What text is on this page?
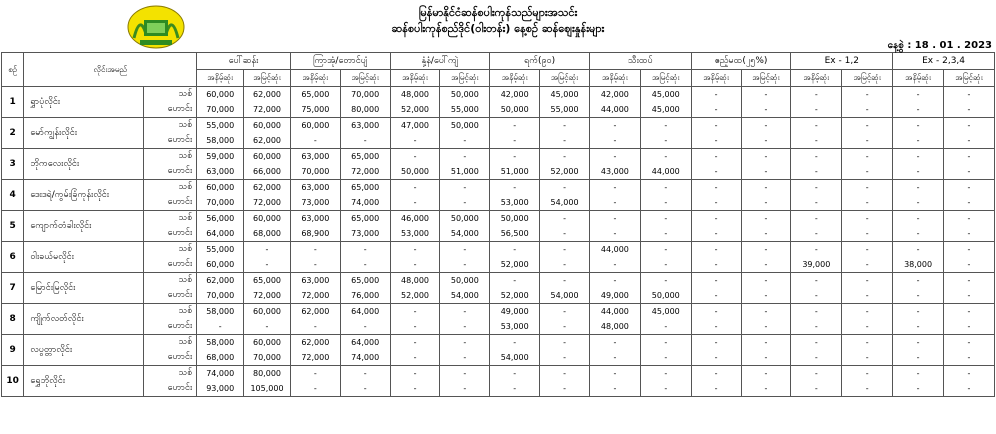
မြန်မာနိုင်ငံဆန်စပါးကုန်သည်များအသင်း
ဆန်စပါးကုန်စည်ဒိုင်(ဝါးတန်း) နေ့စဉ် ဆန်ဈေးနှုန်းများ
နေ့စွဲ : 18 . 01 . 2023
စဉ်	လိုင်းအမည်		ပေါ်ဆန်း		ကြာအုံ/တောင်ပျံ		နှံ့နံ/ပေါ်ကျဲ		ရက်(၉၀)		သီးထပ်		ဧည့်မထ(၂၅%)		Ex - 1,2		Ex - 2,3,4	
			အနိမ့်ဆုံး	အမြင့်ဆုံး	အနိမ့်ဆုံး	အမြင့်ဆုံး	အနိမ့်ဆုံး	အမြင့်ဆုံး	အနိမ့်ဆုံး	အမြင့်ဆုံး	အနိမ့်ဆုံး	အမြင့်ဆုံး	အနိမ့်ဆုံး	အမြင့်ဆုံး	အနိမ့်ဆုံး	အမြင့်ဆုံး	အနိမ့်ဆုံး	အမြင့်ဆုံး
1	ရွှာပုံလိုင်း	သစ်	60,000	62,000	65,000	70,000	48,000	50,000	42,000	45,000	42,000	45,000	-	-	-	-	-	-
		ဟောင်း	70,000	72,000	75,000	80,000	52,000	55,000	50,000	55,000	44,000	45,000	-	-	-	-	-	-
2	မော်ကျွန်းလိုင်း	သစ်	55,000	60,000	60,000	63,000	47,000	50,000	-	-	-	-	-	-	-	-	-	-
		ဟောင်း	58,000	62,000	-	-	-	-	-	-	-	-	-	-	-	-	-	-
3	ဘိုကလေးလိုင်း	သစ်	59,000	60,000	63,000	65,000	-	-	-	-	-	-	-	-	-	-	-	-
		ဟောင်း	63,000	66,000	70,000	72,000	50,000	51,000	51,000	52,000	43,000	44,000	-	-	-	-	-	-
4	ဒေးဒရဲ/ကွမ်းခြံကုန်းလိုင်း	သစ်	60,000	62,000	63,000	65,000	-	-	-	-	-	-	-	-	-	-	-	-
		ဟောင်း	70,000	72,000	73,000	74,000	-	-	53,000	54,000	-	-	-	-	-	-	-	-
5	ကျောက်တံခါးလိုင်း	သစ်	56,000	60,000	63,000	65,000	46,000	50,000	50,000	-	-	-	-	-	-	-	-	-
		ဟောင်း	64,000	68,000	68,900	73,000	53,000	54,000	56,500	-	-	-	-	-	-	-	-	-
6	ဝါးခယ်မလိုင်း	သစ်	55,000	-	-	-	-	-	-	-	44,000	-	-	-	-	-	-	-
		ဟောင်း	60,000	-	-	-	-	-	52,000	-	-	-	-	-	39,000	-	38,000	-
7	မြောင်းမြလိုင်း	သစ်	62,000	65,000	63,000	65,000	48,000	50,000	-	-	-	-	-	-	-	-	-	-
		ဟောင်း	70,000	72,000	72,000	76,000	52,000	54,000	52,000	54,000	49,000	50,000	-	-	-	-	-	-
8	ကျိုက်လတ်လိုင်း	သစ်	58,000	60,000	62,000	64,000	-	-	49,000	-	44,000	45,000	-	-	-	-	-	-
		ဟောင်း	-	-	-	-	-	-	53,000	-	48,000	-	-	-	-	-	-	-
9	လပွတ္တာလိုင်း	သစ်	58,000	60,000	62,000	64,000	-	-	-	-	-	-	-	-	-	-	-	-
		ဟောင်း	68,000	70,000	72,000	74,000	-	-	54,000	-	-	-	-	-	-	-	-	-
10	ရွှေဘိုလိုင်း	သစ်	74,000	80,000	-	-	-	-	-	-	-	-	-	-	-	-	-	-
		ဟောင်း	93,000	105,000	-	-	-	-	-	-	-	-	-	-	-	-	-	-
